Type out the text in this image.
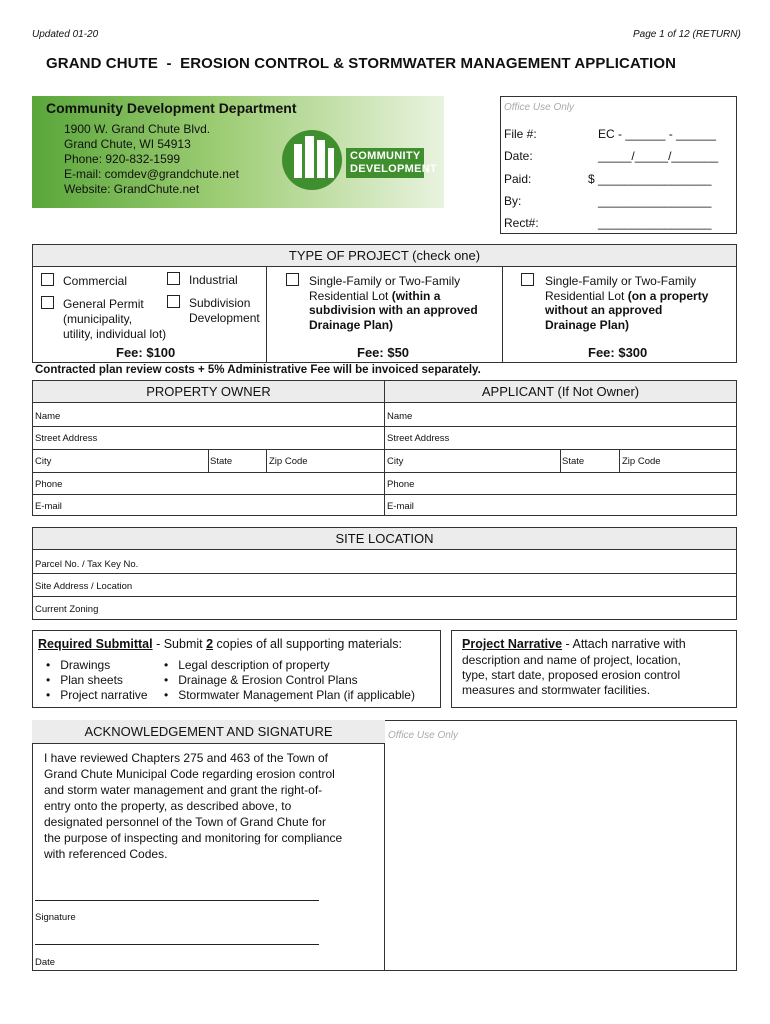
Updated 01-20	Page 1 of 12 (RETURN)
GRAND CHUTE  -  EROSION CONTROL & STORMWATER MANAGEMENT APPLICATION
Community Development Department
1900 W. Grand Chute Blvd.
Grand Chute, WI 54913
Phone: 920-832-1599
E-mail: comdev@grandchute.net
Website: GrandChute.net
COMMUNITY
DEVELOPMENT
Office Use Only
File #:	EC - ______ - ______
Date:	_____/_____/_______
Paid:	$ _________________
By:	_________________
Rect#:	_________________
TYPE OF PROJECT (check one)
Commercial	Industrial
General Permit
(municipality,
utility, individual lot)
Subdivision
Development
Single-Family or Two-Family
Residential Lot (within a
subdivision with an approved
Drainage Plan)
Single-Family or Two-Family
Residential Lot (on a property
without an approved
Drainage Plan)
Fee: $100	Fee: $50	Fee: $300
Contracted plan review costs + 5% Administrative Fee will be invoiced separately.
PROPERTY OWNER	APPLICANT (If Not Owner)
Name
Street Address
City	State	Zip Code
Phone
E-mail
Name
Street Address
City	State	Zip Code
Phone
E-mail
SITE LOCATION
Parcel No. / Tax Key No.
Site Address / Location
Current Zoning
Required Submittal - Submit 2 copies of all supporting materials:
•   Drawings
•   Plan sheets
•   Project narrative
•   Legal description of property
•   Drainage & Erosion Control Plans
•   Stormwater Management Plan (if applicable)
Project Narrative - Attach narrative with
description and name of project, location,
type, start date, proposed erosion control
measures and stormwater facilities.
ACKNOWLEDGEMENT AND SIGNATURE	Office Use Only
I have reviewed Chapters 275 and 463 of the Town of
Grand Chute Municipal Code regarding erosion control
and storm water management and grant the right-of-
entry onto the property, as described above, to
designated personnel of the Town of Grand Chute for
the purpose of inspecting and monitoring for compliance
with referenced Codes.
Signature
Date
